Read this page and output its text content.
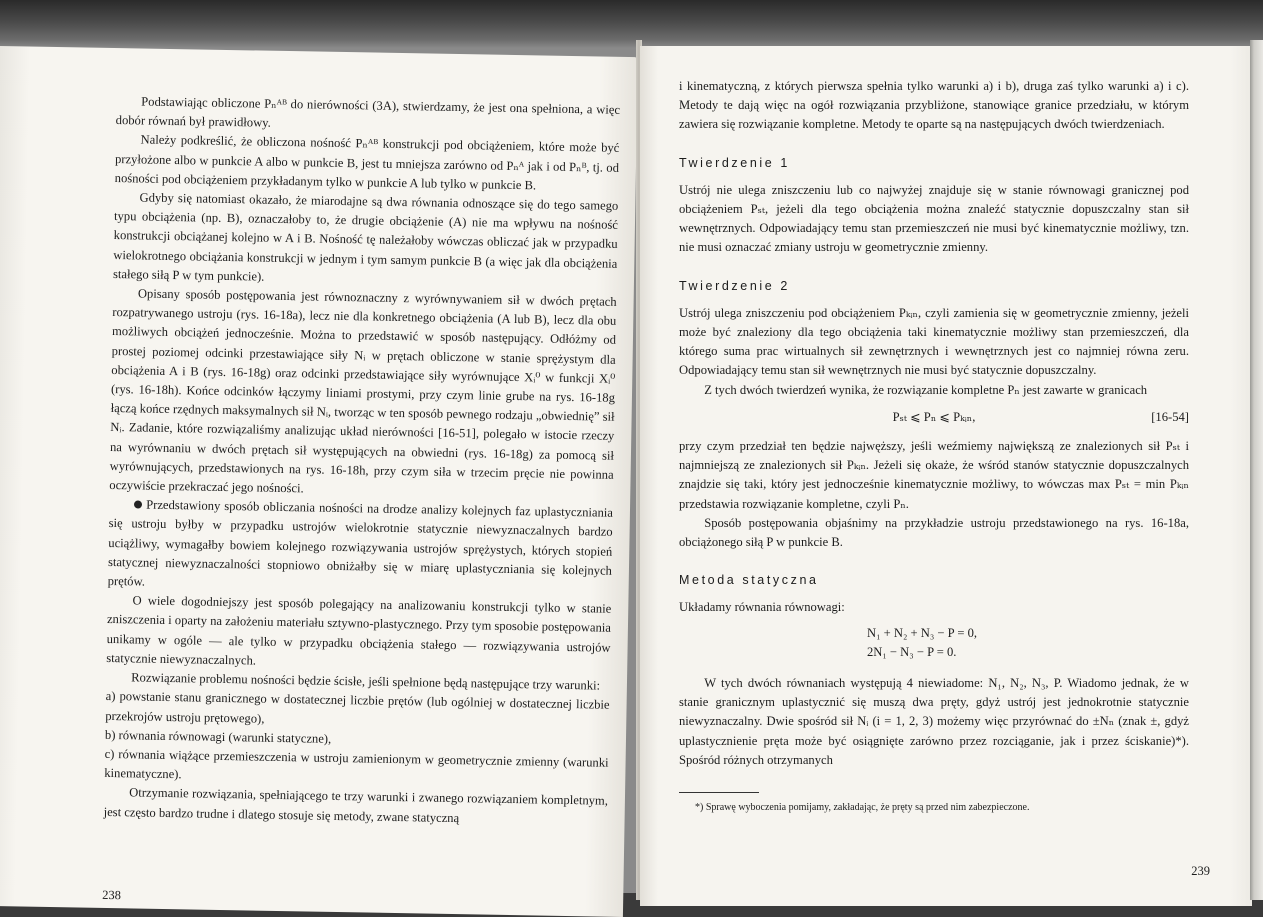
Podstawiając obliczone Pₙᴬᴮ do nierówności (3A), stwierdzamy, że jest ona spełniona, a więc dobór równań był prawidłowy.

Należy podkreślić, że obliczona nośność Pₙᴬᴮ konstrukcji pod obciążeniem, które może być przyłożone albo w punkcie A albo w punkcie B, jest tu mniejsza zarówno od Pₙᴬ jak i od Pₙᴮ, tj. od nośności pod obciążeniem przykładanym tylko w punkcie A lub tylko w punkcie B.

Gdyby się natomiast okazało, że miarodajne są dwa równania odnoszące się do tego samego typu obciążenia (np. B), oznaczałoby to, że drugie obciążenie (A) nie ma wpływu na nośność konstrukcji obciążanej kolejno w A i B. Nośność tę należałoby wówczas obliczać jak w przypadku wielokrotnego obciążania konstrukcji w jednym i tym samym punkcie B (a więc jak dla obciążenia stałego siłą P w tym punkcie).

Opisany sposób postępowania jest równoznaczny z wyrównywaniem sił w dwóch prętach rozpatrywanego ustroju (rys. 16-18a), lecz nie dla konkretnego obciążenia (A lub B), lecz dla obu możliwych obciążeń jednocześnie. Można to przedstawić w sposób następujący. Odłóżmy od prostej poziomej odcinki przestawiające siły Nᵢ w prętach obliczone w stanie sprężystym dla obciążenia A i B (rys. 16-18g) oraz odcinki przedstawiające siły wyrównujące Xᵢ⁰ w funkcji Xᵢ⁰ (rys. 16-18h). Końce odcinków łączymy liniami prostymi, przy czym linie grube na rys. 16-18g łączą końce rzędnych maksymalnych sił Nᵢ, tworząc w ten sposób pewnego rodzaju „obwiednię” sił Nᵢ. Zadanie, które rozwiązaliśmy analizując układ nierówności [16-51], polegało w istocie rzeczy na wyrównaniu w dwóch prętach sił występujących na obwiedni (rys. 16-18g) za pomocą sił wyrównujących, przedstawionych na rys. 16-18h, przy czym siła w trzecim pręcie nie powinna oczywiście przekraczać jego nośności.

Przedstawiony sposób obliczania nośności na drodze analizy kolejnych faz uplastyczniania się ustroju byłby w przypadku ustrojów wielokrotnie statycznie niewyznaczalnych bardzo uciążliwy, wymagałby bowiem kolejnego rozwiązywania ustrojów sprężystych, których stopień statycznej niewyznaczalności stopniowo obniżałby się w miarę uplastyczniania się kolejnych prętów.

O wiele dogodniejszy jest sposób polegający na analizowaniu konstrukcji tylko w stanie zniszczenia i oparty na założeniu materiału sztywno-plastycznego. Przy tym sposobie postępowania unikamy w ogóle — ale tylko w przypadku obciążenia stałego — rozwiązywania ustrojów statycznie niewyznaczalnych.

Rozwiązanie problemu nośności będzie ścisłe, jeśli spełnione będą następujące trzy warunki:

a) powstanie stanu granicznego w dostatecznej liczbie prętów (lub ogólniej w dostatecznej liczbie przekrojów ustroju prętowego),

b) równania równowagi (warunki statyczne),

c) równania wiążące przemieszczenia w ustroju zamienionym w geometrycznie zmienny (warunki kinematyczne).

Otrzymanie rozwiązania, spełniającego te trzy warunki i zwanego rozwiązaniem kompletnym, jest często bardzo trudne i dlatego stosuje się metody, zwane statyczną

238

i kinematyczną, z których pierwsza spełnia tylko warunki a) i b), druga zaś tylko warunki a) i c). Metody te dają więc na ogół rozwiązania przybliżone, stanowiące granice przedziału, w którym zawiera się rozwiązanie kompletne. Metody te oparte są na następujących dwóch twierdzeniach.

Twierdzenie 1

Ustrój nie ulega zniszczeniu lub co najwyżej znajduje się w stanie równowagi granicznej pod obciążeniem Pₛₜ, jeżeli dla tego obciążenia można znaleźć statycznie dopuszczalny stan sił wewnętrznych. Odpowiadający temu stan przemieszczeń nie musi być kinematycznie możliwy, tzn. nie musi oznaczać zmiany ustroju w geometrycznie zmienny.

Twierdzenie 2

Ustrój ulega zniszczeniu pod obciążeniem Pₖᵢₙ, czyli zamienia się w geometrycznie zmienny, jeżeli może być znaleziony dla tego obciążenia taki kinematycznie możliwy stan przemieszczeń, dla którego suma prac wirtualnych sił zewnętrznych i wewnętrznych jest co najmniej równa zeru. Odpowiadający temu stan sił wewnętrznych nie musi być statycznie dopuszczalny.

Z tych dwóch twierdzeń wynika, że rozwiązanie kompletne Pₙ jest zawarte w granicach

Pₛₜ ⩽ Pₙ ⩽ Pₖᵢₙ,	[16-54]

przy czym przedział ten będzie najwęższy, jeśli weźmiemy największą ze znalezionych sił Pₛₜ i najmniejszą ze znalezionych sił Pₖᵢₙ. Jeżeli się okaże, że wśród stanów statycznie dopuszczalnych znajdzie się taki, który jest jednocześnie kinematycznie możliwy, to wówczas max Pₛₜ = min Pₖᵢₙ przedstawia rozwiązanie kompletne, czyli Pₙ.

Sposób postępowania objaśnimy na przykładzie ustroju przedstawionego na rys. 16-18a, obciążonego siłą P w punkcie B.

Metoda statyczna

Układamy równania równowagi:

N₁ + N₂ + N₃ − P = 0,
2N₁ − N₃ − P = 0.

W tych dwóch równaniach występują 4 niewiadome: N₁, N₂, N₃, P. Wiadomo jednak, że w stanie granicznym uplastycznić się muszą dwa pręty, gdyż ustrój jest jednokrotnie statycznie niewyznaczalny. Dwie spośród sił Nᵢ (i = 1, 2, 3) możemy więc przyrównać do ±Nₙ (znak ±, gdyż uplastycznienie pręta może być osiągnięte zarówno przez rozciąganie, jak i przez ściskanie)*). Spośród różnych otrzymanych

*) Sprawę wyboczenia pomijamy, zakładając, że pręty są przed nim zabezpieczone.

239
